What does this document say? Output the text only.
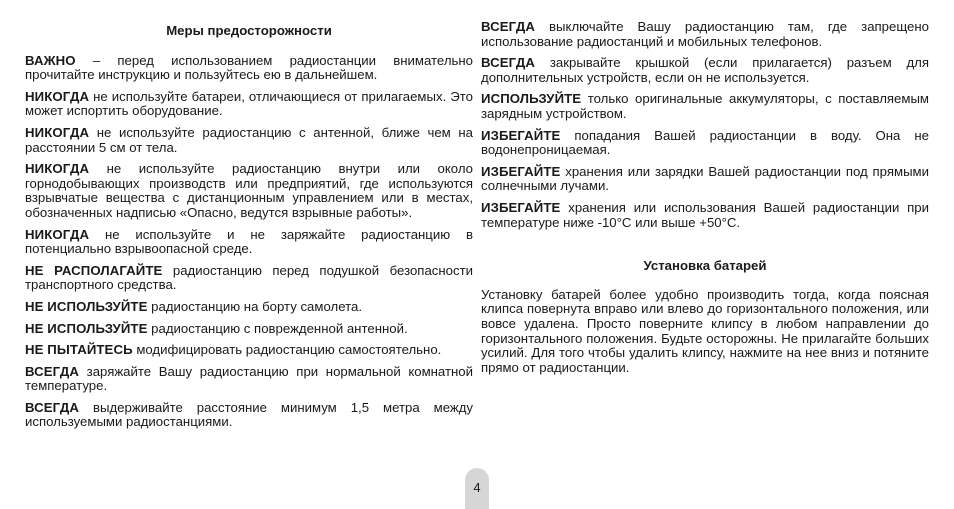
Меры предосторожности

ВАЖНО – перед использованием радиостанции внимательно прочитайте инструкцию и пользуйтесь ею в дальнейшем.

НИКОГДА не используйте батареи, отличающиеся от прилагаемых. Это может испортить оборудование.

НИКОГДА не используйте радиостанцию с антенной, ближе чем на расстоянии 5 см от тела.

НИКОГДА не используйте радиостанцию внутри или около горнодобывающих производств или предприятий, где используются взрывчатые вещества с дистанционным управлением или в местах, обозначенных надписью «Опасно, ведутся взрывные работы».

НИКОГДА не используйте и не заряжайте радиостанцию в потенциально взрывоопасной среде.

НЕ РАСПОЛАГАЙТЕ радиостанцию перед подушкой безопасности транспортного средства.

НЕ ИСПОЛЬЗУЙТЕ радиостанцию на борту самолета.

НЕ ИСПОЛЬЗУЙТЕ радиостанцию с поврежденной антенной.

НЕ ПЫТАЙТЕСЬ модифицировать радиостанцию самостоятельно.

ВСЕГДА заряжайте Вашу радиостанцию при нормальной комнатной температуре.

ВСЕГДА выдерживайте расстояние минимум 1,5 метра между используемыми радиостанциями.

ВСЕГДА выключайте Вашу радиостанцию там, где запрещено использование радиостанций и мобильных телефонов.

ВСЕГДА закрывайте крышкой (если прилагается) разъем для дополнительных устройств, если он не используется.

ИСПОЛЬЗУЙТЕ только оригинальные аккумуляторы, с поставляемым зарядным устройством.

ИЗБЕГАЙТЕ попадания Вашей радиостанции в воду. Она не водонепроницаемая.

ИЗБЕГАЙТЕ хранения или зарядки Вашей радиостанции под прямыми солнечными лучами.

ИЗБЕГАЙТЕ хранения или использования Вашей радиостанции при температуре ниже -10°С или выше +50°С.

Установка батарей

Установку батарей более удобно производить тогда, когда поясная клипса повернута вправо или влево до горизонтального положения, или вовсе удалена. Просто поверните клипсу в любом направлении до горизонтального положения. Будьте осторожны. Не прилагайте больших усилий. Для того чтобы удалить клипсу, нажмите на нее вниз и потяните прямо от радиостанции.

4
